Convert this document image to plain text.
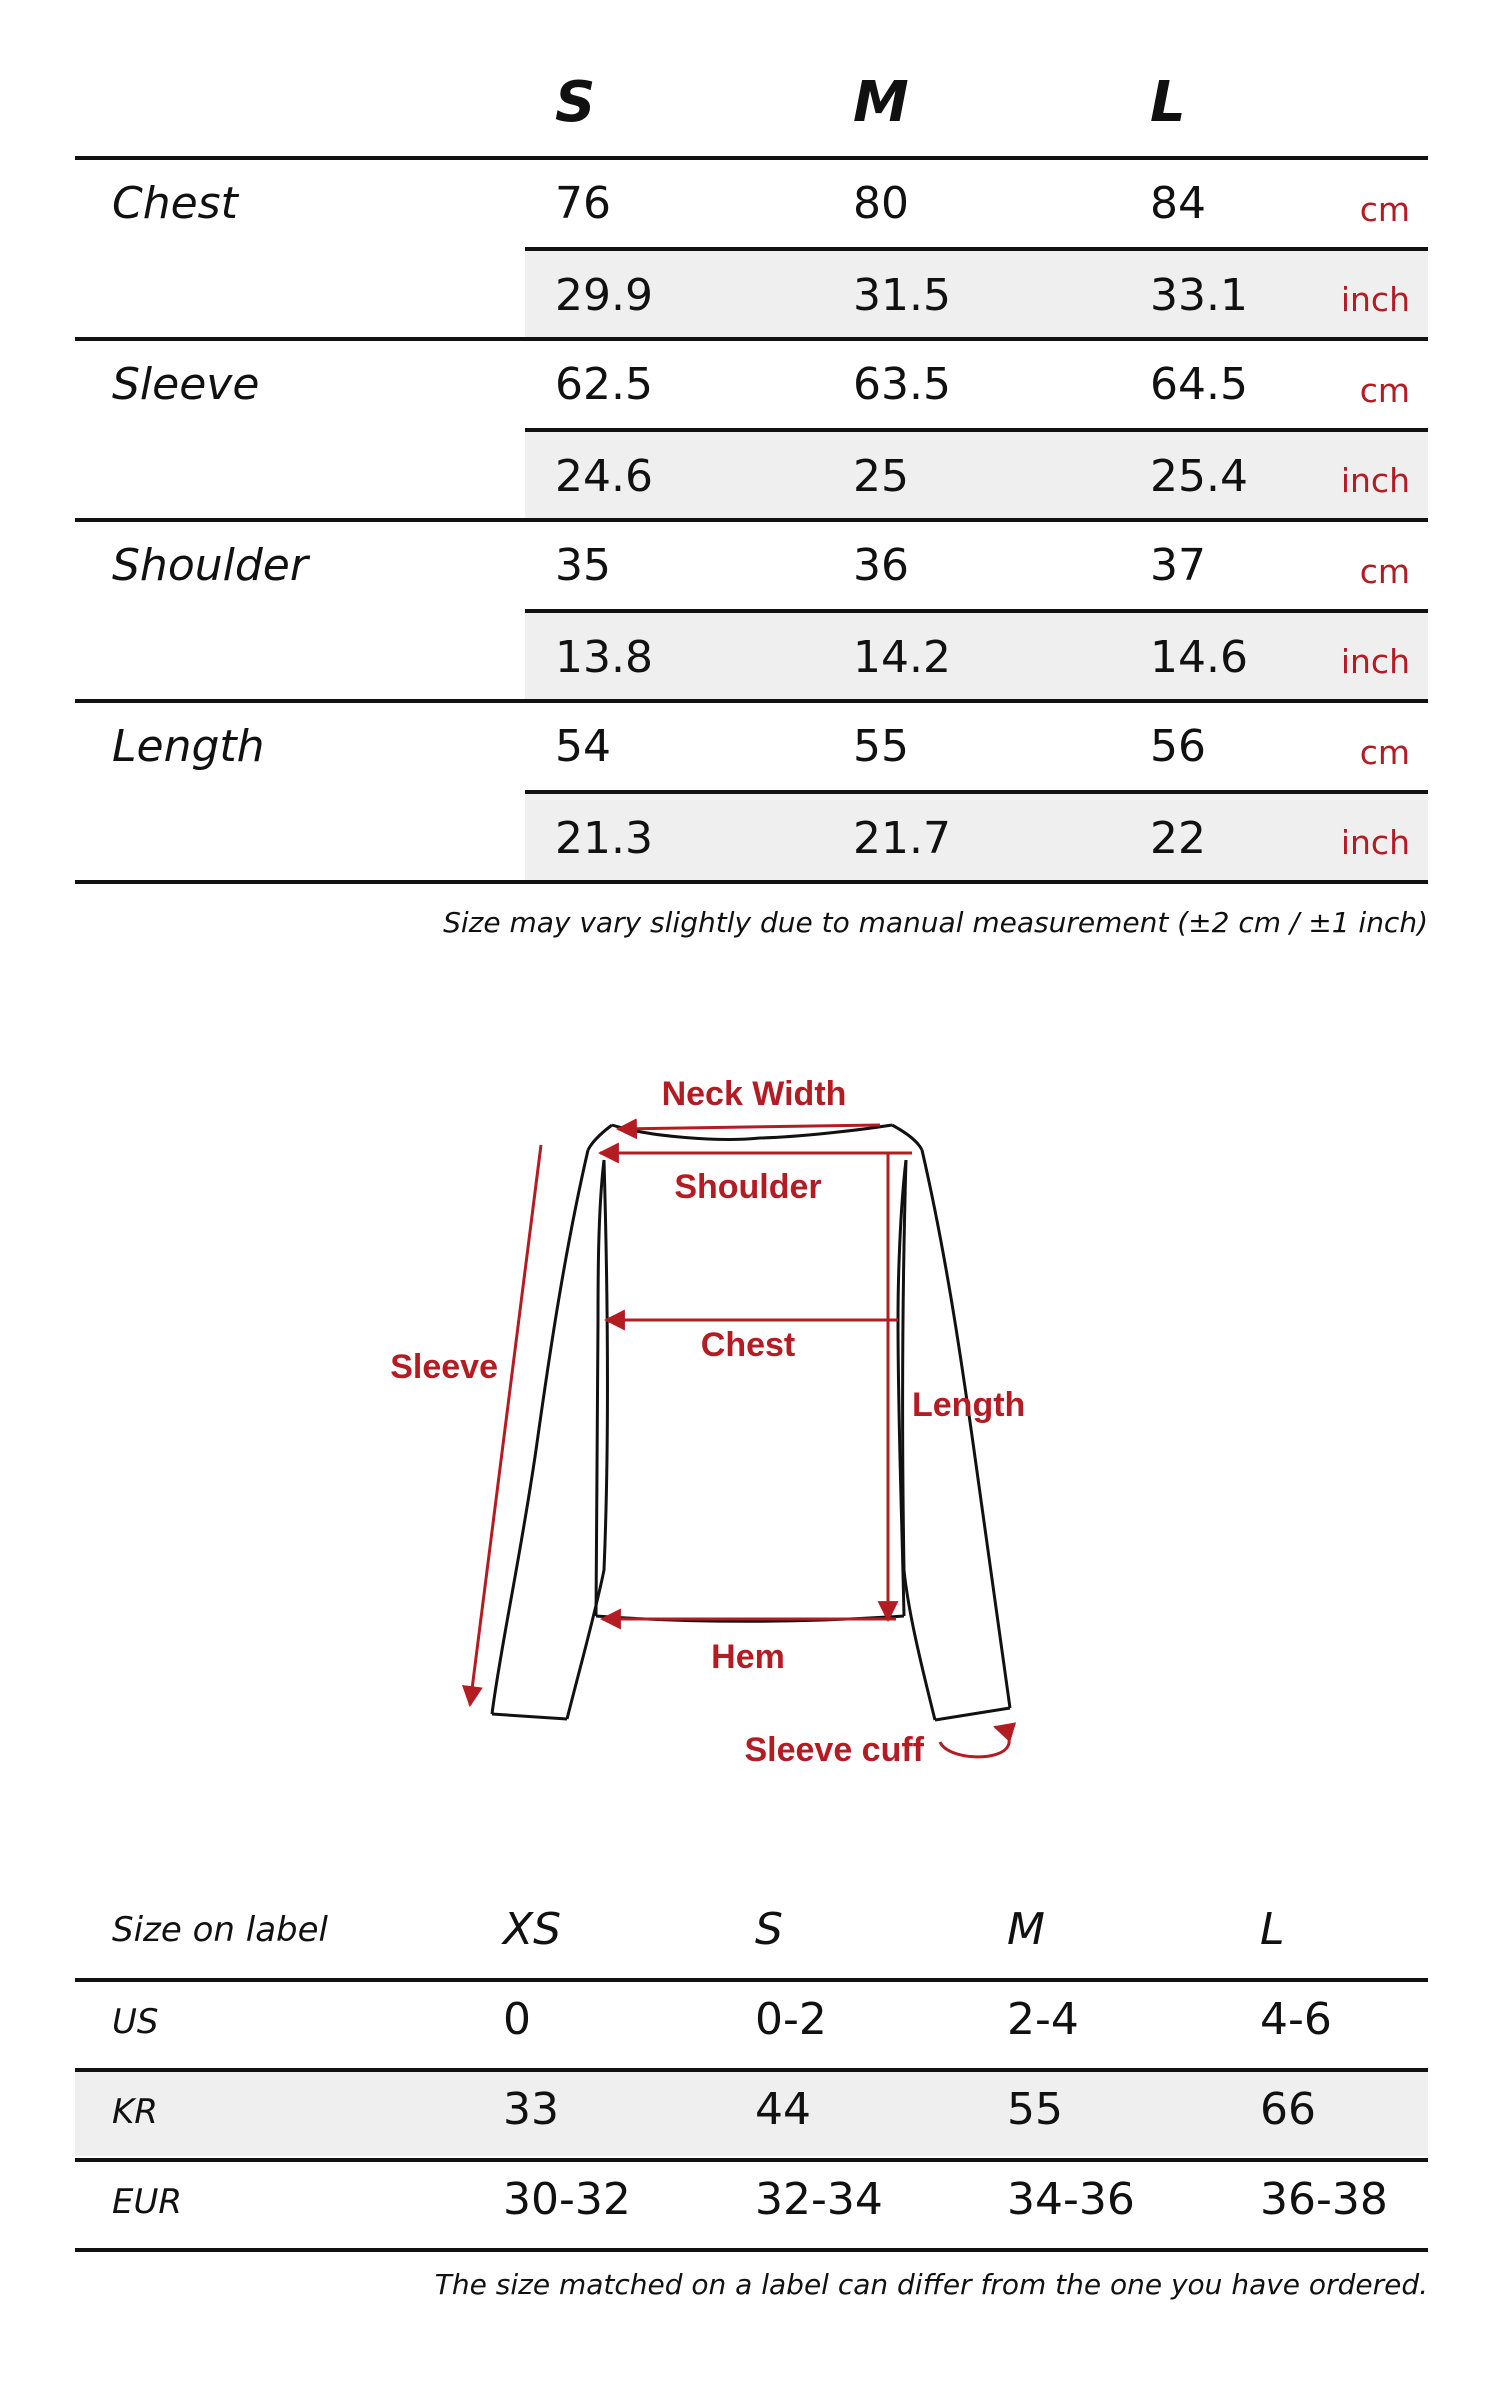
S	M	L
Chest	76	80	84	cm
29.9	31.5	33.1	inch
Sleeve	62.5	63.5	64.5	cm
24.6	25	25.4	inch
Shoulder	35	36	37	cm
13.8	14.2	14.6	inch
Length	54	55	56	cm
21.3	21.7	22	inch
Size may vary slightly due to manual measurement (±2 cm / ±1 inch)
Neck Width
Shoulder
Chest
Sleeve
Length
Hem
Sleeve cuff
Size on label	XS	S	M	L
US	0	0-2	2-4	4-6
KR	33	44	55	66
EUR	30-32	32-34	34-36	36-38
The size matched on a label can differ from the one you have ordered.
